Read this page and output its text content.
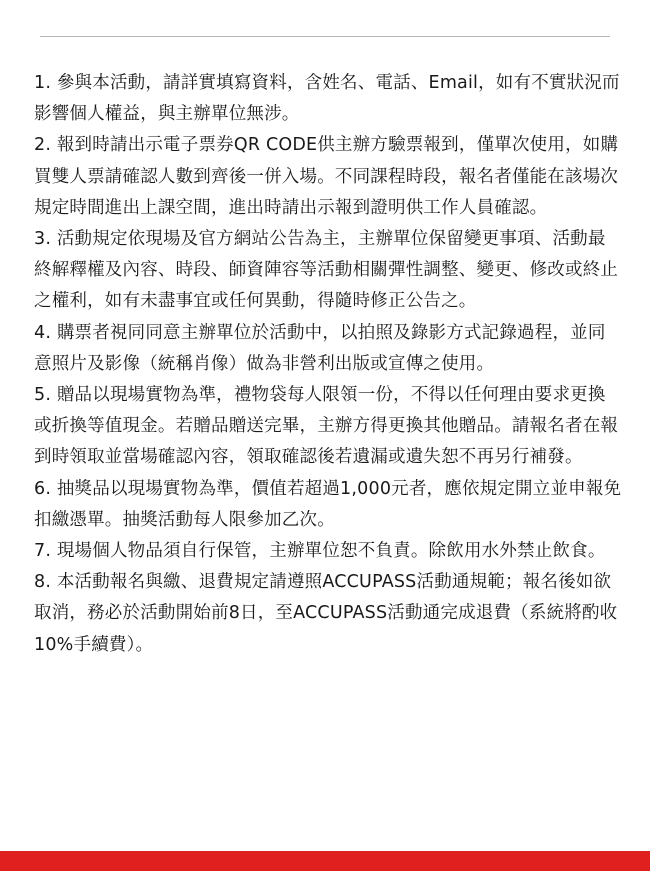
1. 參與本活動，請詳實填寫資料，含姓名、電話、Email，如有不實狀況而影響個人權益，與主辦單位無涉。
2. 報到時請出示電子票券QR CODE供主辦方驗票報到，僅單次使用，如購買雙人票請確認人數到齊後一併入場。不同課程時段，報名者僅能在該場次規定時間進出上課空間，進出時請出示報到證明供工作人員確認。
3. 活動規定依現場及官方網站公告為主，主辦單位保留變更事項、活動最終解釋權及內容、時段、師資陣容等活動相關彈性調整、變更、修改或終止之權利，如有未盡事宜或任何異動，得隨時修正公告之。
4. 購票者視同同意主辦單位於活動中，以拍照及錄影方式記錄過程，並同意照片及影像（統稱肖像）做為非營利出版或宣傳之使用。
5. 贈品以現場實物為準，禮物袋每人限領一份，不得以任何理由要求更換或折換等值現金。若贈品贈送完畢，主辦方得更換其他贈品。請報名者在報到時領取並當場確認內容，領取確認後若遺漏或遺失恕不再另行補發。
6. 抽獎品以現場實物為準，價值若超過1,000元者，應依規定開立並申報免扣繳憑單。抽獎活動每人限參加乙次。
7. 現場個人物品須自行保管，主辦單位恕不負責。除飲用水外禁止飲食。
8. 本活動報名與繳、退費規定請遵照ACCUPASS活動通規範；報名後如欲取消，務必於活動開始前8日，至ACCUPASS活動通完成退費（系統將酌收10%手續費）。
